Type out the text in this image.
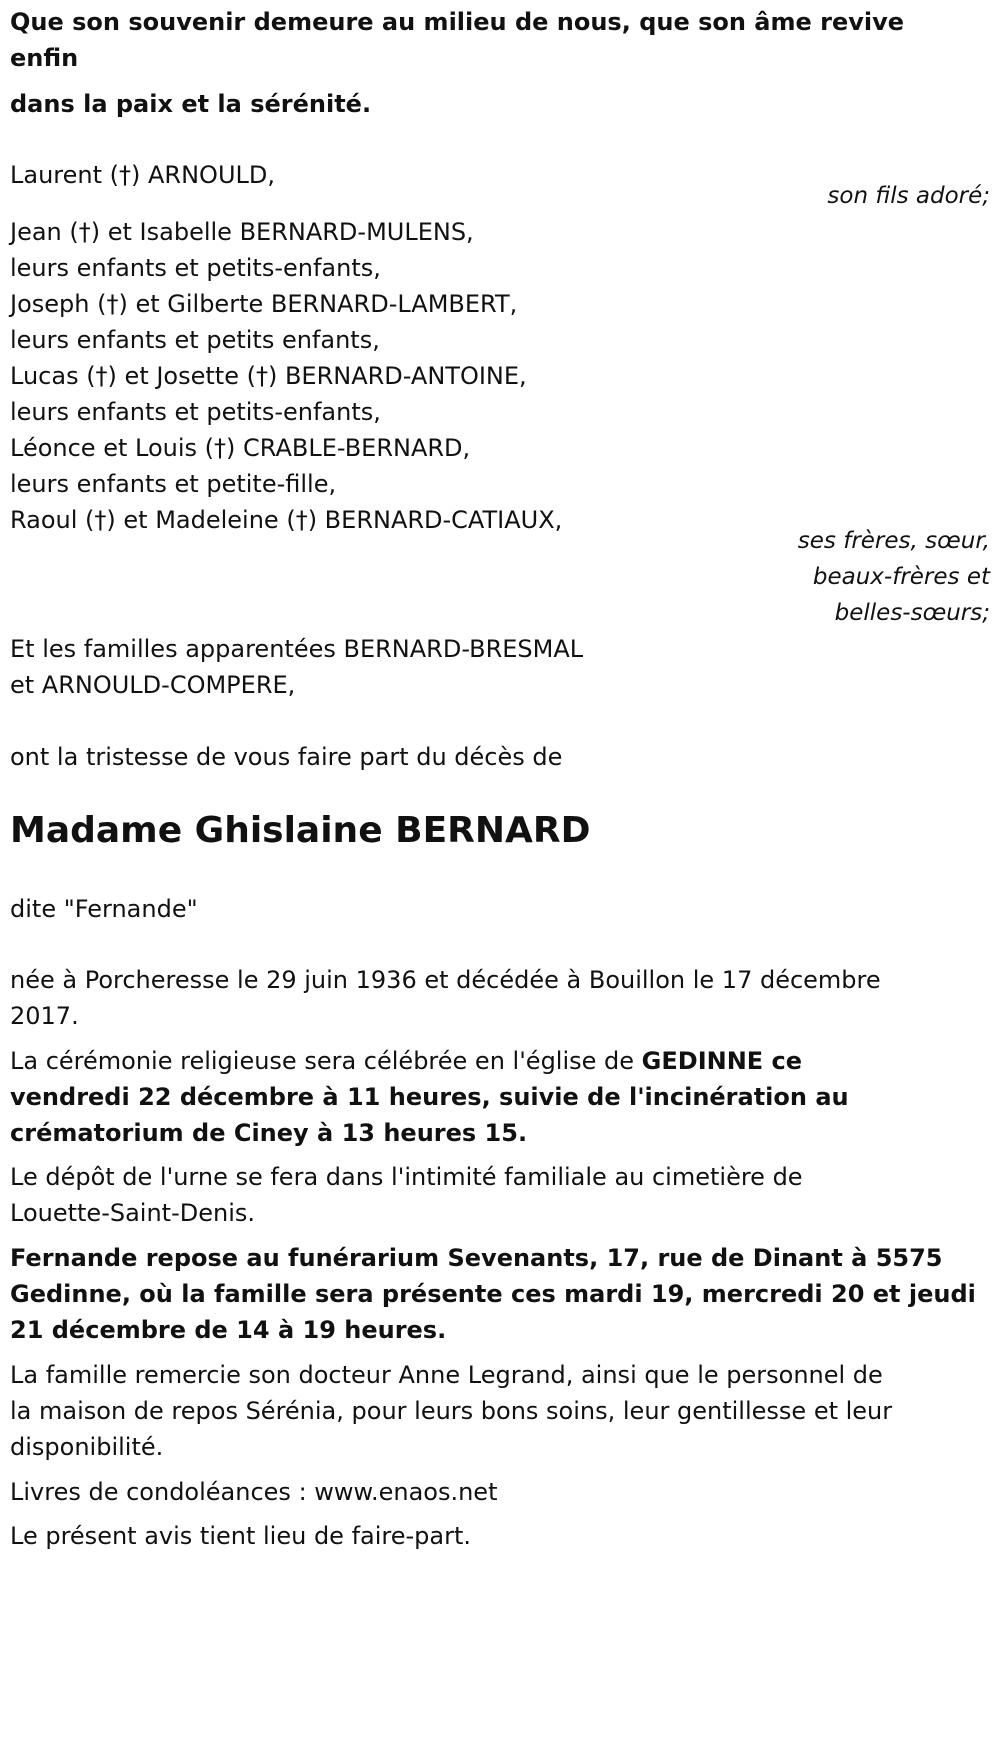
Que son souvenir demeure au milieu de nous, que son âme revive
enfin
dans la paix et la sérénité.
Laurent (†) ARNOULD,
son fils adoré;
Jean (†) et Isabelle BERNARD-MULENS,
leurs enfants et petits-enfants,
Joseph (†) et Gilberte BERNARD-LAMBERT,
leurs enfants et petits enfants,
Lucas (†) et Josette (†) BERNARD-ANTOINE,
leurs enfants et petits-enfants,
Léonce et Louis (†) CRABLE-BERNARD,
leurs enfants et petite-fille,
Raoul (†) et Madeleine (†) BERNARD-CATIAUX,
ses frères, sœur,
beaux-frères et
belles-sœurs;
Et les familles apparentées BERNARD-BRESMAL
et ARNOULD-COMPERE,
ont la tristesse de vous faire part du décès de
Madame Ghislaine BERNARD
dite "Fernande"
née à Porcheresse le 29 juin 1936 et décédée à Bouillon le 17 décembre
2017.
La cérémonie religieuse sera célébrée en l'église de GEDINNE ce
vendredi 22 décembre à 11 heures, suivie de l'incinération au
crématorium de Ciney à 13 heures 15.
Le dépôt de l'urne se fera dans l'intimité familiale au cimetière de
Louette-Saint-Denis.
Fernande repose au funérarium Sevenants, 17, rue de Dinant à 5575
Gedinne, où la famille sera présente ces mardi 19, mercredi 20 et jeudi
21 décembre de 14 à 19 heures.
La famille remercie son docteur Anne Legrand, ainsi que le personnel de
la maison de repos Sérénia, pour leurs bons soins, leur gentillesse et leur
disponibilité.
Livres de condoléances : www.enaos.net
Le présent avis tient lieu de faire-part.
